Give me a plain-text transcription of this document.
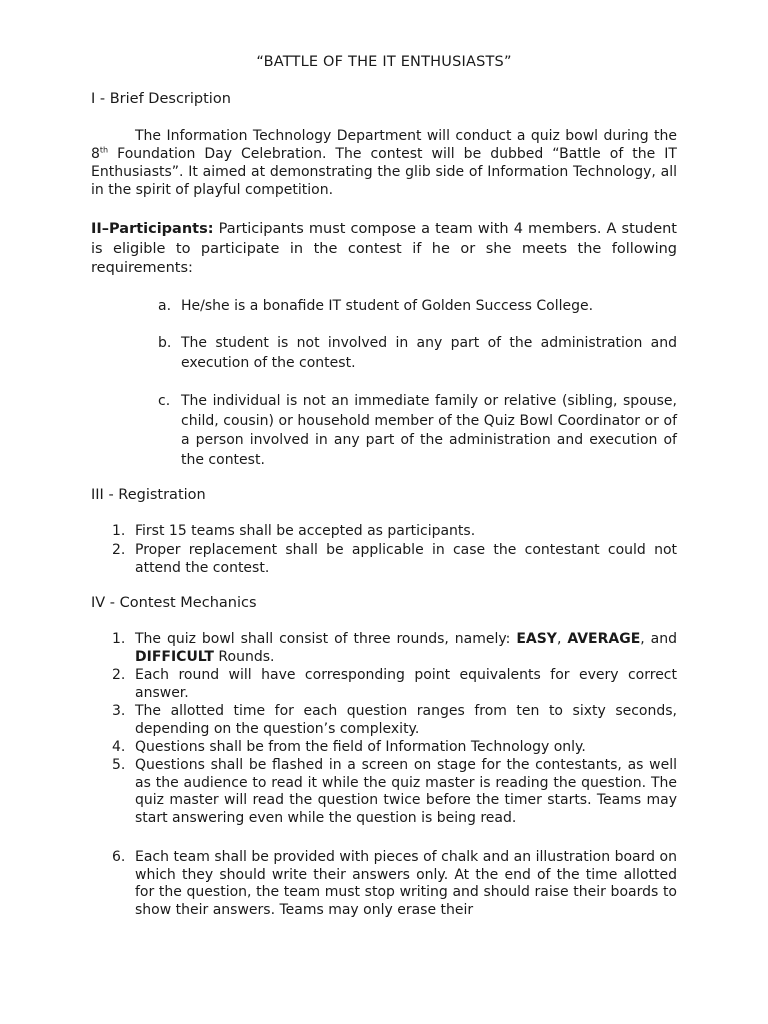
“BATTLE OF THE IT ENTHUSIASTS”
I - Brief Description
The Information Technology Department will conduct a quiz bowl during the 8th Foundation Day Celebration. The contest will be dubbed “Battle of the IT Enthusiasts”. It aimed at demonstrating the glib side of Information Technology, all in the spirit of playful competition.
II–Participants: Participants must compose a team with 4 members. A student is eligible to participate in the contest if he or she meets the following requirements:
a. He/she is a bonafide IT student of Golden Success College.
b. The student is not involved in any part of the administration and execution of the contest.
c. The individual is not an immediate family or relative (sibling, spouse, child, cousin) or household member of the Quiz Bowl Coordinator or of a person involved in any part of the administration and execution of the contest.
III - Registration
1. First 15 teams shall be accepted as participants.
2. Proper replacement shall be applicable in case the contestant could not attend the contest.
IV - Contest Mechanics
1. The quiz bowl shall consist of three rounds, namely: EASY, AVERAGE, and DIFFICULT Rounds.
2. Each round will have corresponding point equivalents for every correct answer.
3. The allotted time for each question ranges from ten to sixty seconds, depending on the question’s complexity.
4. Questions shall be from the field of Information Technology only.
5. Questions shall be flashed in a screen on stage for the contestants, as well as the audience to read it while the quiz master is reading the question. The quiz master will read the question twice before the timer starts. Teams may start answering even while the question is being read.
6. Each team shall be provided with pieces of chalk and an illustration board on which they should write their answers only. At the end of the time allotted for the question, the team must stop writing and should raise their boards to show their answers. Teams may only erase their
